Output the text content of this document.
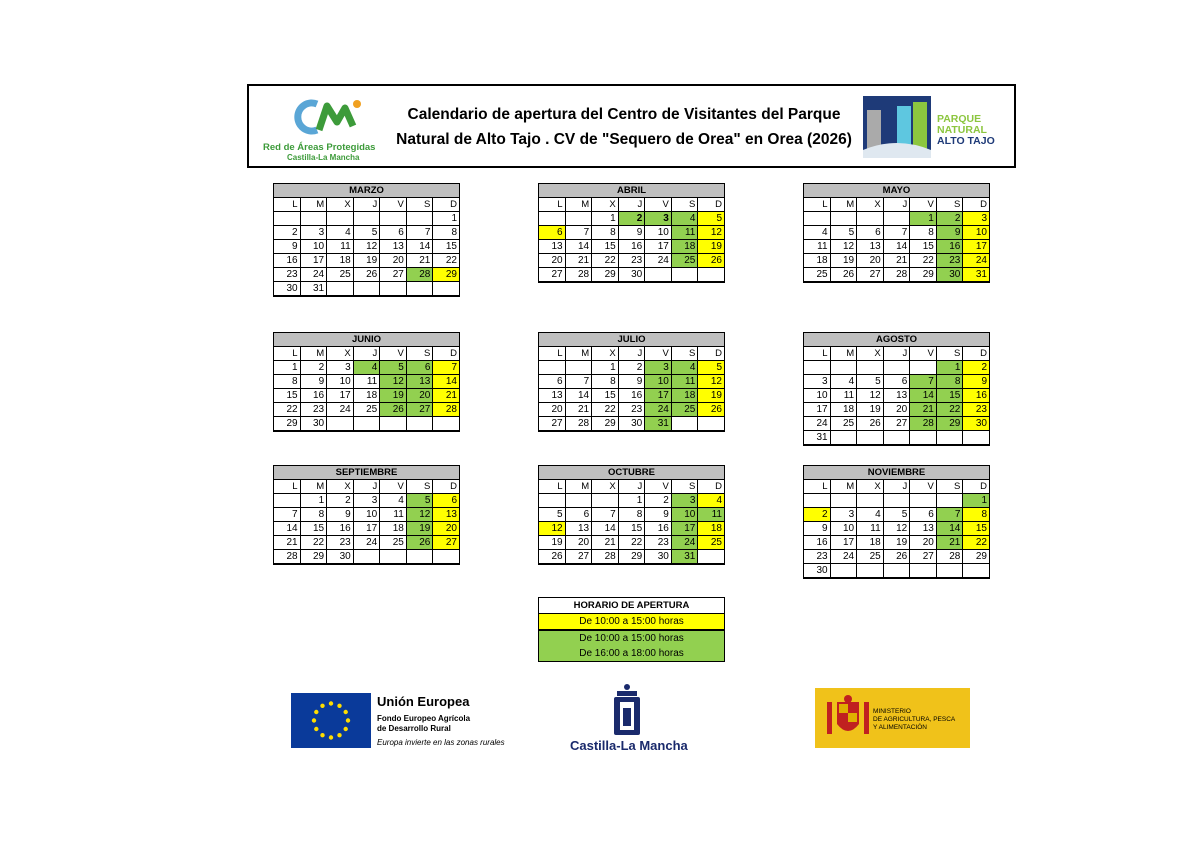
Red de Áreas Protegidas
Castilla-La Mancha
Calendario de apertura del Centro de Visitantes del Parque
Natural de Alto Tajo . CV de "Sequero de Orea" en Orea (2026)
PARQUE
NATURAL
ALTO TAJO
MARZO						
L	M	X	J	V	S	D
						1
2	3	4	5	6	7	8
9	10	11	12	13	14	15
16	17	18	19	20	21	22
23	24	25	26	27	28	29
30	31					
ABRIL						
L	M	X	J	V	S	D
		1	2	3	4	5
6	7	8	9	10	11	12
13	14	15	16	17	18	19
20	21	22	23	24	25	26
27	28	29	30			
MAYO						
L	M	X	J	V	S	D
				1	2	3
4	5	6	7	8	9	10
11	12	13	14	15	16	17
18	19	20	21	22	23	24
25	26	27	28	29	30	31
JUNIO						
L	M	X	J	V	S	D
1	2	3	4	5	6	7
8	9	10	11	12	13	14
15	16	17	18	19	20	21
22	23	24	25	26	27	28
29	30					
JULIO						
L	M	X	J	V	S	D
		1	2	3	4	5
6	7	8	9	10	11	12
13	14	15	16	17	18	19
20	21	22	23	24	25	26
27	28	29	30	31		
AGOSTO						
L	M	X	J	V	S	D
					1	2
3	4	5	6	7	8	9
10	11	12	13	14	15	16
17	18	19	20	21	22	23
24	25	26	27	28	29	30
31						
SEPTIEMBRE						
L	M	X	J	V	S	D
	1	2	3	4	5	6
7	8	9	10	11	12	13
14	15	16	17	18	19	20
21	22	23	24	25	26	27
28	29	30				
OCTUBRE						
L	M	X	J	V	S	D
			1	2	3	4
5	6	7	8	9	10	11
12	13	14	15	16	17	18
19	20	21	22	23	24	25
26	27	28	29	30	31	
NOVIEMBRE						
L	M	X	J	V	S	D
						1
2	3	4	5	6	7	8
9	10	11	12	13	14	15
16	17	18	19	20	21	22
23	24	25	26	27	28	29
30						
HORARIO DE APERTURA
De 10:00 a 15:00 horas
De 10:00 a 15:00 horas
De 16:00 a 18:00 horas
Unión Europea
Fondo Europeo Agrícola
de Desarrollo Rural
Europa invierte en las zonas rurales	Castilla-La Mancha
MINISTERIO
DE AGRICULTURA, PESCA
Y ALIMENTACIÓN
